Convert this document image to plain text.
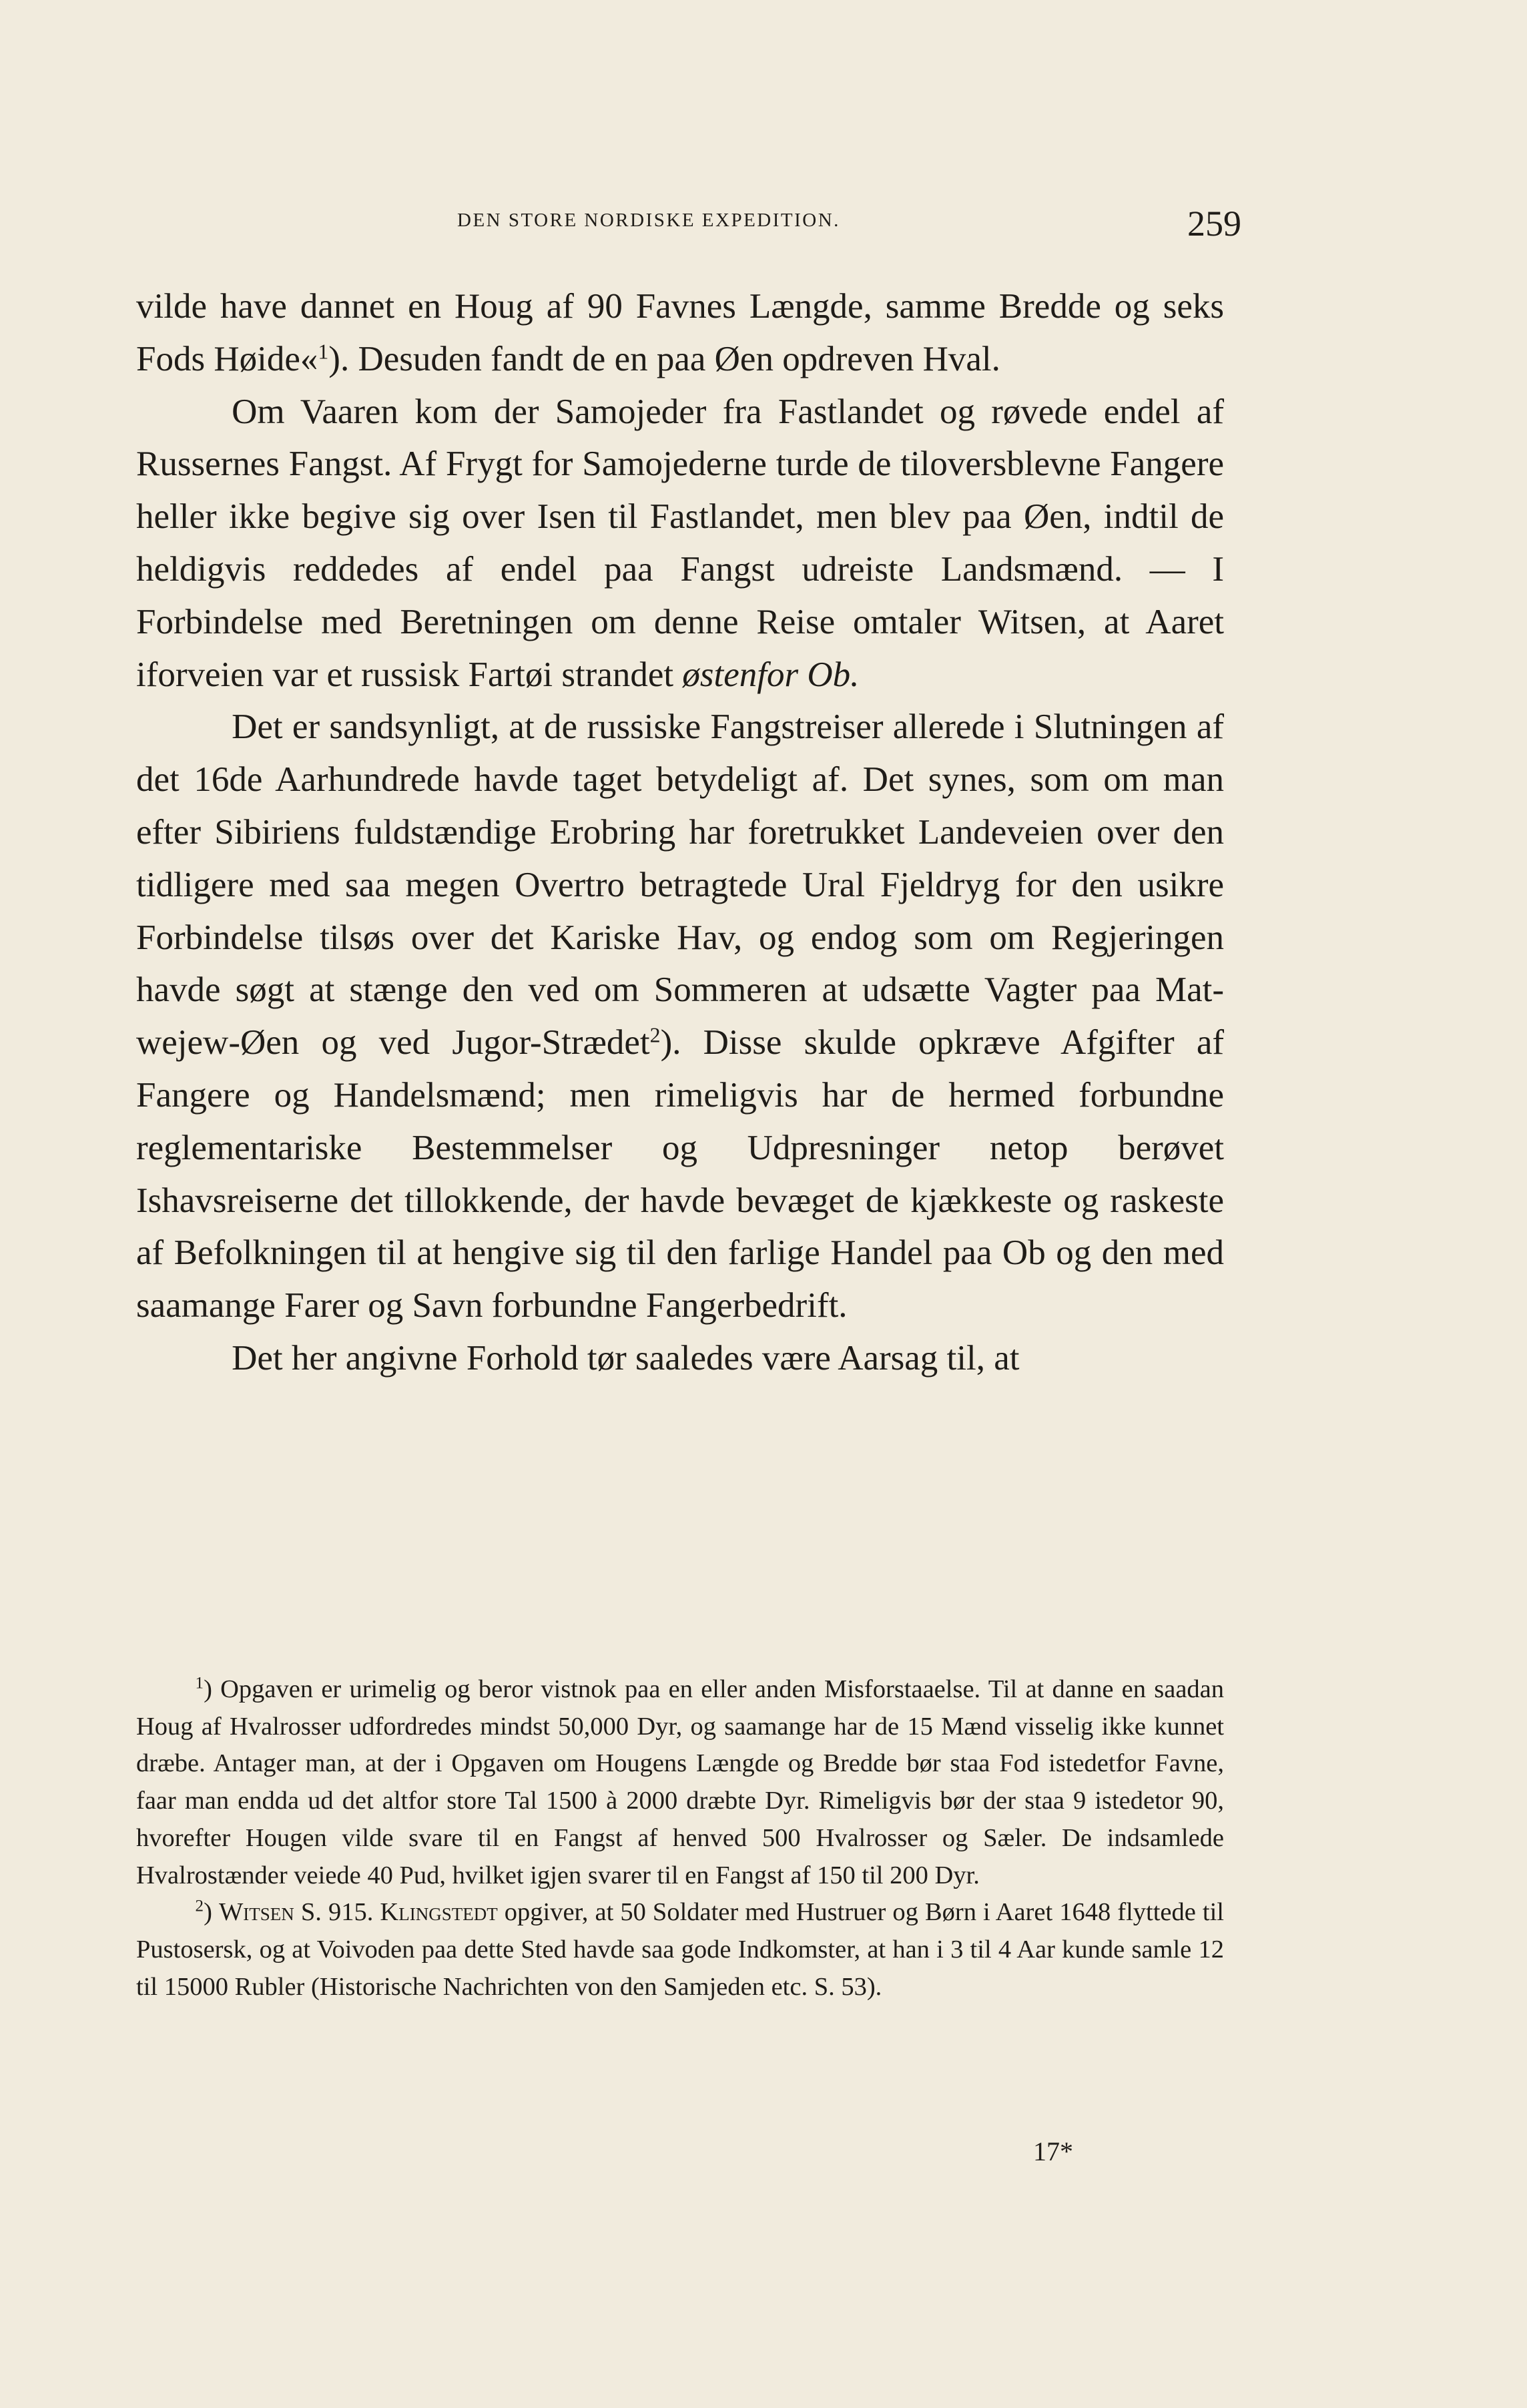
DEN STORE NORDISKE EXPEDITION.	259

vilde have dannet en Houg af 90 Favnes Længde, samme Bredde og seks Fods Høide«$^1$). Desuden fandt de en paa Øen opdreven Hval.

Om Vaaren kom der Samojeder fra Fastlandet og røvede endel af Russernes Fangst. Af Frygt for Samojederne turde de tiloversblevne Fangere heller ikke begive sig over Isen til Fastlandet, men blev paa Øen, indtil de heldigvis reddedes af endel paa Fangst udreiste Landsmænd. — I Forbindelse med Beretningen om denne Reise omtaler Witsen, at Aaret iforveien var et russisk Fartøi strandet østenfor Ob.

Det er sandsynligt, at de russiske Fangstreiser allerede i Slutningen af det 16de Aarhundrede havde taget betydeligt af. Det synes, som om man efter Sibiriens fuldstændige Erobring har foretrukket Landeveien over den tidligere med saa megen Overtro betragtede Ural Fjeldryg for den usikre Forbindelse tilsøs over det Kariske Hav, og endog som om Regjeringen havde søgt at stænge den ved om Sommeren at udsætte Vagter paa Matwejew-Øen og ved Jugor-Strædet$^2$). Disse skulde opkræve Afgifter af Fangere og Handelsmænd; men rimeligvis har de hermed forbundne reglementariske Bestemmelser og Udpresninger netop berøvet Ishavsreiserne det tillokkende, der havde bevæget de kjækkeste og raskeste af Befolkningen til at hengive sig til den farlige Handel paa Ob og den med saamange Farer og Savn forbundne Fangerbedrift.

Det her angivne Forhold tør saaledes være Aarsag til, at

$^1$) Opgaven er urimelig og beror vistnok paa en eller anden Misforstaaelse. Til at danne en saadan Houg af Hvalrosser udfordredes mindst 50,000 Dyr, og saamange har de 15 Mænd visselig ikke kunnet dræbe. Antager man, at der i Opgaven om Hougens Længde og Bredde bør staa Fod istedetfor Favne, faar man endda ud det altfor store Tal 1500 à 2000 dræbte Dyr. Rimeligvis bør der staa 9 istedetor 90, hvorefter Hougen vilde svare til en Fangst af henved 500 Hvalrosser og Sæler. De indsamlede Hvalrostænder veiede 40 Pud, hvilket igjen svarer til en Fangst af 150 til 200 Dyr.

$^2$) Witsen S. 915. Klingstedt opgiver, at 50 Soldater med Hustruer og Børn i Aaret 1648 flyttede til Pustosersk, og at Voivoden paa dette Sted havde saa gode Indkomster, at han i 3 til 4 Aar kunde samle 12 til 15000 Rubler (Historische Nachrichten von den Samjeden etc. S. 53).

17*
